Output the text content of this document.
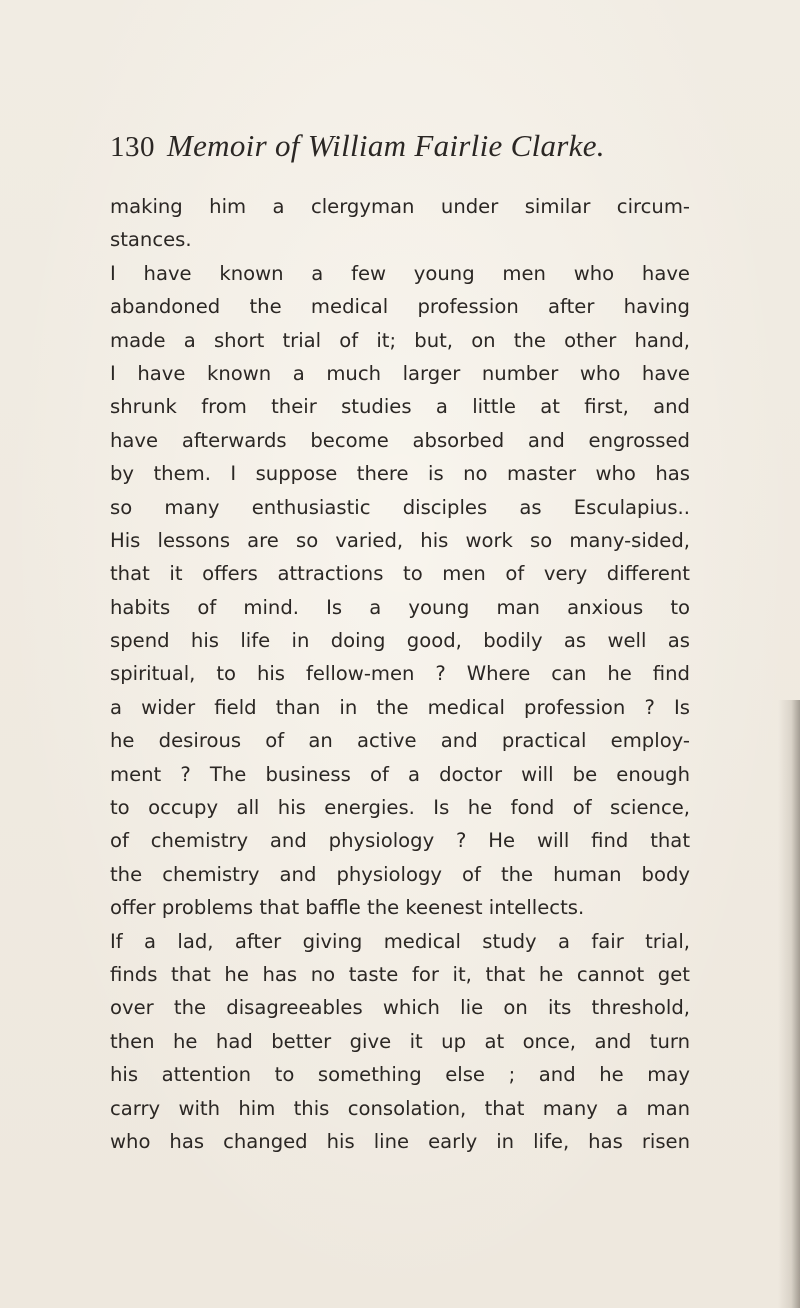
130 Memoir of William Fairlie Clarke.
making him a clergyman under similar circum-
stances.
I have known a few young men who have
abandoned the medical profession after having
made a short trial of it; but, on the other hand,
I have known a much larger number who have
shrunk from their studies a little at first, and
have afterwards become absorbed and engrossed
by them. I suppose there is no master who has
so many enthusiastic disciples as Esculapius..
His lessons are so varied, his work so many-sided,
that it offers attractions to men of very different
habits of mind. Is a young man anxious to
spend his life in doing good, bodily as well as
spiritual, to his fellow-men ? Where can he find
a wider field than in the medical profession ? Is
he desirous of an active and practical employ-
ment ? The business of a doctor will be enough
to occupy all his energies. Is he fond of science,
of chemistry and physiology ? He will find that
the chemistry and physiology of the human body
offer problems that baffle the keenest intellects.
If a lad, after giving medical study a fair trial,
finds that he has no taste for it, that he cannot get
over the disagreeables which lie on its threshold,
then he had better give it up at once, and turn
his attention to something else ; and he may
carry with him this consolation, that many a man
who has changed his line early in life, has risen
